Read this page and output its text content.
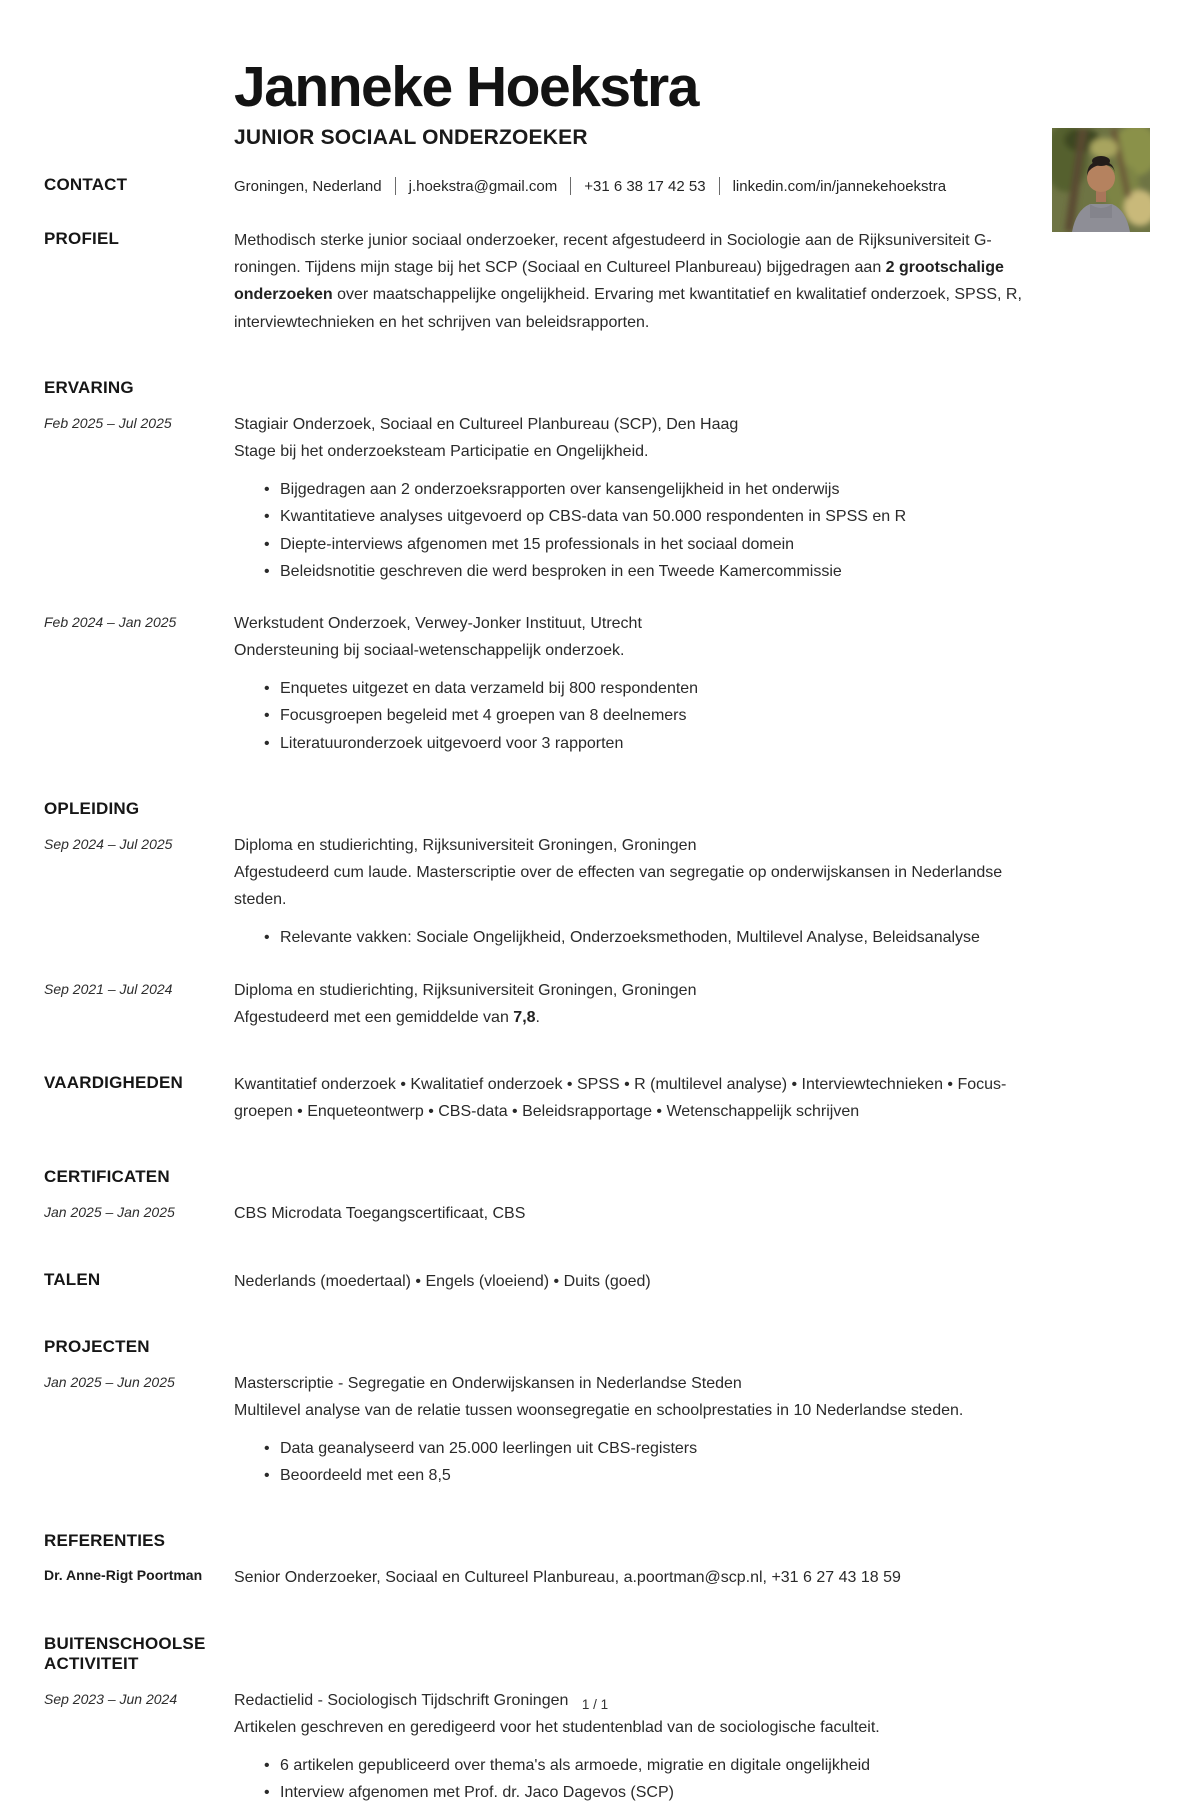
Janneke Hoekstra
JUNIOR SOCIAAL ONDERZOEKER
CONTACT	Groningen, Nederland j.hoekstra@gmail.com +31 6 38 17 42 53 linkedin.com/in/jannekehoekstra
PROFIEL	Methodisch sterke junior sociaal onderzoeker, recent afgestudeerd in Sociologie aan de Rijksuniversiteit G-
roningen. Tijdens mijn stage bij het SCP (Sociaal en Cultureel Planbureau) bijgedragen aan 2 grootschalige
onderzoeken over maatschappelijke ongelijkheid. Ervaring met kwantitatief en kwalitatief onderzoek, SPSS, R,
interviewtechnieken en het schrijven van beleidsrapporten.
ERVARING
Feb 2025 – Jul 2025	Stagiair Onderzoek, Sociaal en Cultureel Planbureau (SCP), Den Haag
Stage bij het onderzoeksteam Participatie en Ongelijkheid.
• Bijgedragen aan 2 onderzoeksrapporten over kansengelijkheid in het onderwijs
• Kwantitatieve analyses uitgevoerd op CBS-data van 50.000 respondenten in SPSS en R
• Diepte-interviews afgenomen met 15 professionals in het sociaal domein
• Beleidsnotitie geschreven die werd besproken in een Tweede Kamercommissie
Feb 2024 – Jan 2025	Werkstudent Onderzoek, Verwey-Jonker Instituut, Utrecht
Ondersteuning bij sociaal-wetenschappelijk onderzoek.
• Enquetes uitgezet en data verzameld bij 800 respondenten
• Focusgroepen begeleid met 4 groepen van 8 deelnemers
• Literatuuronderzoek uitgevoerd voor 3 rapporten
OPLEIDING
Sep 2024 – Jul 2025	Diploma en studierichting, Rijksuniversiteit Groningen, Groningen
Afgestudeerd cum laude. Masterscriptie over de effecten van segregatie op onderwijskansen in Nederlandse
steden.
• Relevante vakken: Sociale Ongelijkheid, Onderzoeksmethoden, Multilevel Analyse, Beleidsanalyse
Sep 2021 – Jul 2024	Diploma en studierichting, Rijksuniversiteit Groningen, Groningen
Afgestudeerd met een gemiddelde van 7,8.
VAARDIGHEDEN	Kwantitatief onderzoek • Kwalitatief onderzoek • SPSS • R (multilevel analyse) • Interviewtechnieken • Focus-
groepen • Enqueteontwerp • CBS-data • Beleidsrapportage • Wetenschappelijk schrijven
CERTIFICATEN
Jan 2025 – Jan 2025	CBS Microdata Toegangscertificaat, CBS
TALEN	Nederlands (moedertaal) • Engels (vloeiend) • Duits (goed)
PROJECTEN
Jan 2025 – Jun 2025	Masterscriptie - Segregatie en Onderwijskansen in Nederlandse Steden
Multilevel analyse van de relatie tussen woonsegregatie en schoolprestaties in 10 Nederlandse steden.
• Data geanalyseerd van 25.000 leerlingen uit CBS-registers
• Beoordeeld met een 8,5
REFERENTIES
Dr. Anne-Rigt Poortman	Senior Onderzoeker, Sociaal en Cultureel Planbureau, a.poortman@scp.nl, +31 6 27 43 18 59
BUITENSCHOOLSE ACTIVITEIT
Sep 2023 – Jun 2024	Redactielid - Sociologisch Tijdschrift Groningen
Artikelen geschreven en geredigeerd voor het studentenblad van de sociologische faculteit.
• 6 artikelen gepubliceerd over thema's als armoede, migratie en digitale ongelijkheid
• Interview afgenomen met Prof. dr. Jaco Dagevos (SCP)
1 / 1
